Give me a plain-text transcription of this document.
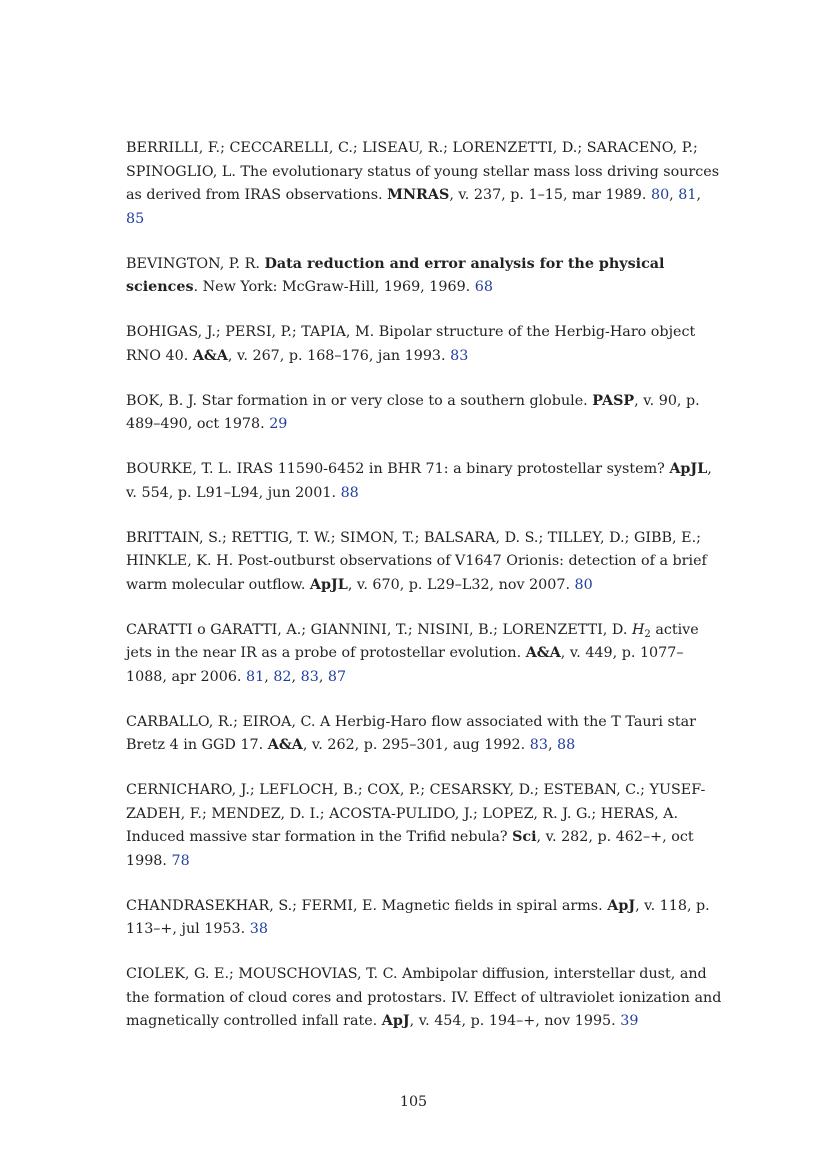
BERRILLI, F.; CECCARELLI, C.; LISEAU, R.; LORENZETTI, D.; SARACENO, P.; SPINOGLIO, L. The evolutionary status of young stellar mass loss driving sources as derived from IRAS observations. MNRAS, v. 237, p. 1–15, mar 1989. 80, 81, 85

BEVINGTON, P. R. Data reduction and error analysis for the physical sciences. New York: McGraw-Hill, 1969, 1969. 68

BOHIGAS, J.; PERSI, P.; TAPIA, M. Bipolar structure of the Herbig-Haro object RNO 40. A&A, v. 267, p. 168–176, jan 1993. 83

BOK, B. J. Star formation in or very close to a southern globule. PASP, v. 90, p. 489–490, oct 1978. 29

BOURKE, T. L. IRAS 11590-6452 in BHR 71: a binary protostellar system? ApJL, v. 554, p. L91–L94, jun 2001. 88

BRITTAIN, S.; RETTIG, T. W.; SIMON, T.; BALSARA, D. S.; TILLEY, D.; GIBB, E.; HINKLE, K. H. Post-outburst observations of V1647 Orionis: detection of a brief warm molecular outflow. ApJL, v. 670, p. L29–L32, nov 2007. 80

CARATTI o GARATTI, A.; GIANNINI, T.; NISINI, B.; LORENZETTI, D. $H_2$ active jets in the near IR as a probe of protostellar evolution. A&A, v. 449, p. 1077–1088, apr 2006. 81, 82, 83, 87

CARBALLO, R.; EIROA, C. A Herbig-Haro flow associated with the T Tauri star Bretz 4 in GGD 17. A&A, v. 262, p. 295–301, aug 1992. 83, 88

CERNICHARO, J.; LEFLOCH, B.; COX, P.; CESARSKY, D.; ESTEBAN, C.; YUSEF-ZADEH, F.; MENDEZ, D. I.; ACOSTA-PULIDO, J.; LOPEZ, R. J. G.; HERAS, A. Induced massive star formation in the Trifid nebula? Sci, v. 282, p. 462–+, oct 1998. 78

CHANDRASEKHAR, S.; FERMI, E. Magnetic fields in spiral arms. ApJ, v. 118, p. 113–+, jul 1953. 38

CIOLEK, G. E.; MOUSCHOVIAS, T. C. Ambipolar diffusion, interstellar dust, and the formation of cloud cores and protostars. IV. Effect of ultraviolet ionization and magnetically controlled infall rate. ApJ, v. 454, p. 194–+, nov 1995. 39

105
